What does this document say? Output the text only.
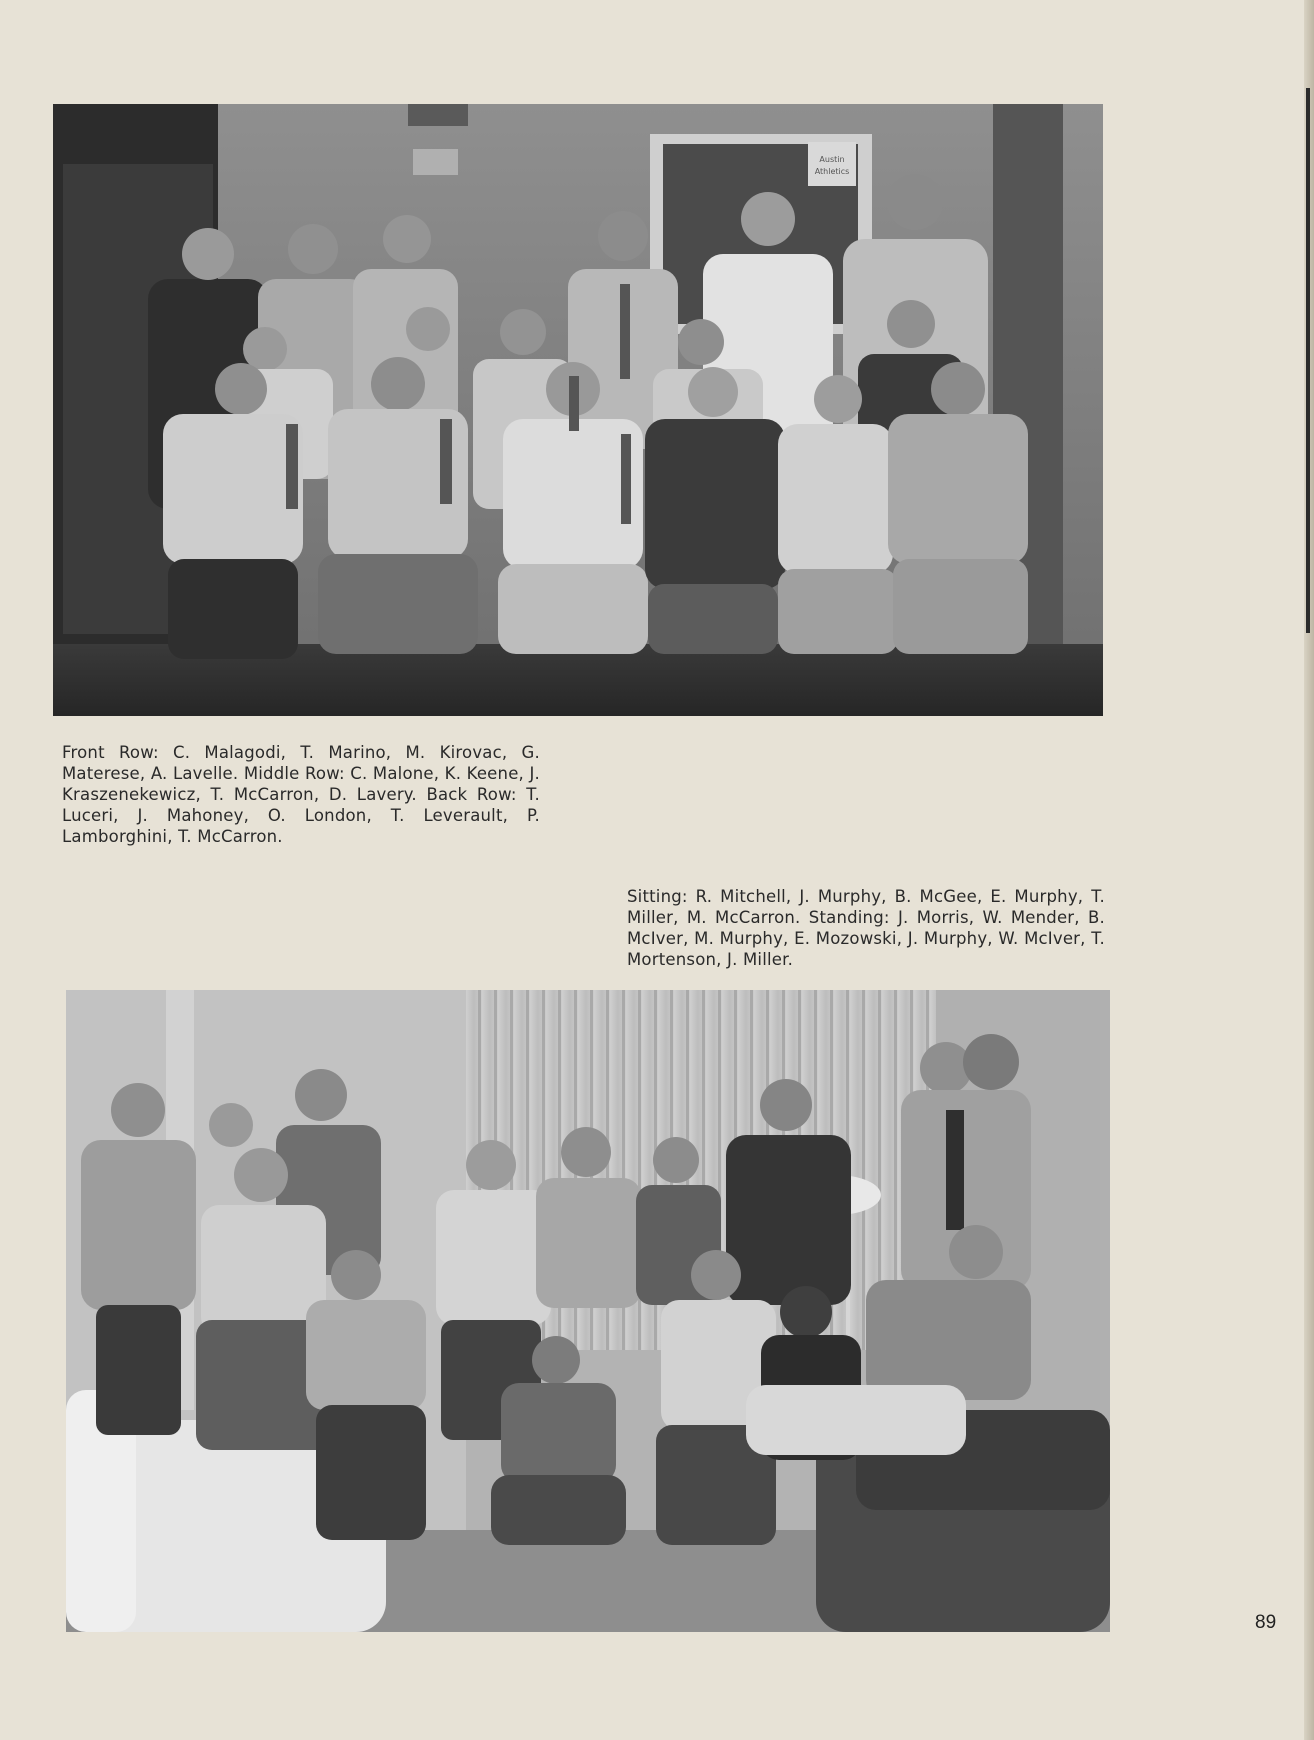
Austin
Athletics

Front Row: C. Malagodi, T. Marino, M. Kirovac, G. Materese, A. Lavelle. Middle Row: C. Malone, K. Keene, J. Kraszenekewicz, T. McCarron, D. Lavery. Back Row: T. Luceri, J. Mahoney, O. London, T. Leverault, P. Lamborghini, T. McCarron.

Sitting: R. Mitchell, J. Murphy, B. McGee, E. Murphy, T. Miller, M. McCarron. Standing: J. Morris, W. Mender, B. McIver, M. Murphy, E. Mozowski, J. Murphy, W. McIver, T. Mortenson, J. Miller.

89
